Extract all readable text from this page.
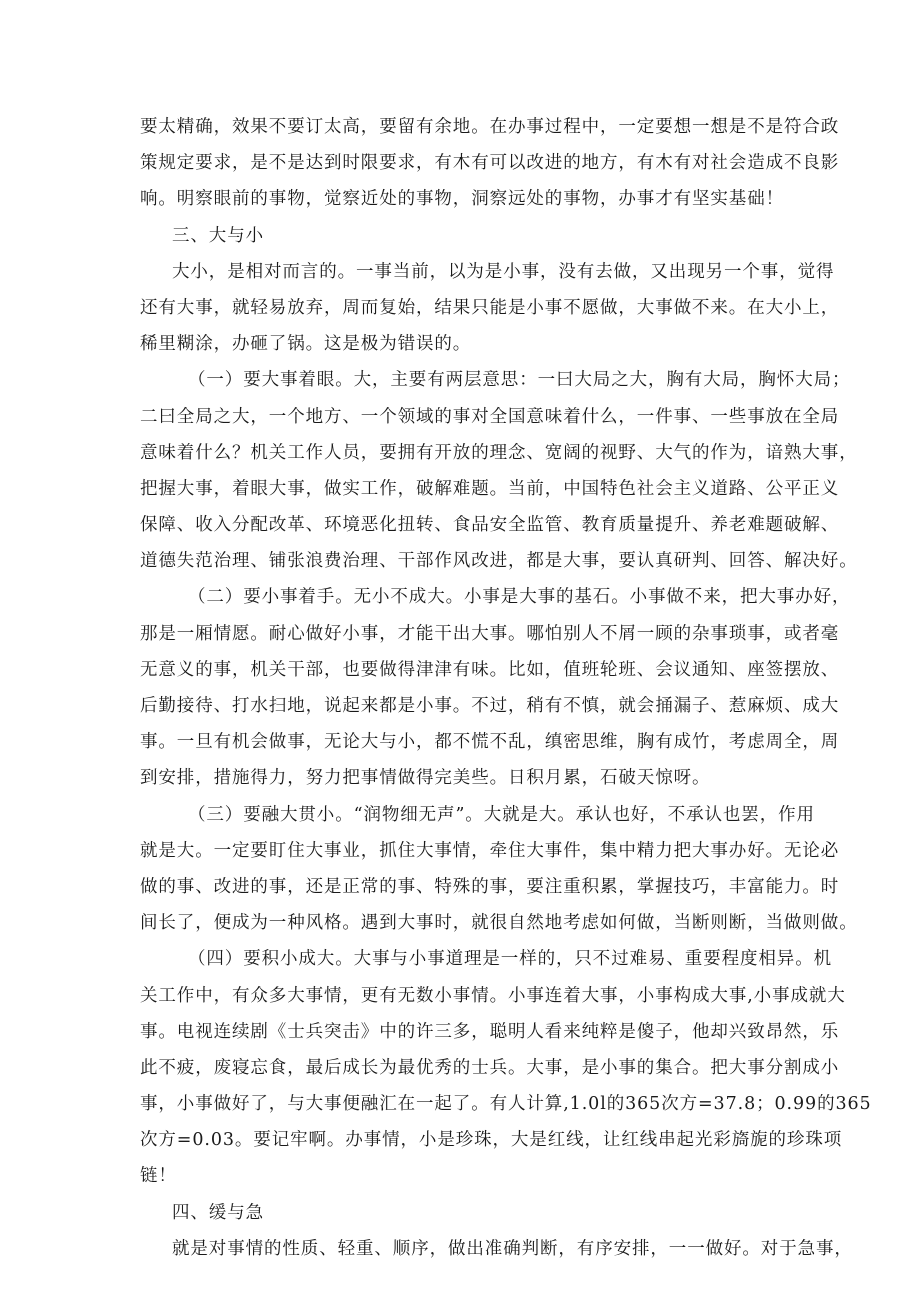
要太精确，效果不要订太高，要留有余地。在办事过程中，一定要想一想是不是符合政
策规定要求，是不是达到时限要求，有木有可以改进的地方，有木有对社会造成不良影
响。明察眼前的事物，觉察近处的事物，洞察远处的事物，办事才有坚实基础！
三、大与小
大小，是相对而言的。一事当前，以为是小事，没有去做，又出现另一个事，觉得
还有大事，就轻易放弃，周而复始，结果只能是小事不愿做，大事做不来。在大小上，
稀里糊涂，办砸了锅。这是极为错误的。
（一）要大事着眼。大，主要有两层意思：一曰大局之大，胸有大局，胸怀大局；
二曰全局之大，一个地方、一个领域的事对全国意味着什么，一件事、一些事放在全局
意味着什么？机关工作人员，要拥有开放的理念、宽阔的视野、大气的作为，谙熟大事，
把握大事，着眼大事，做实工作，破解难题。当前，中国特色社会主义道路、公平正义
保障、收入分配改革、环境恶化扭转、食品安全监管、教育质量提升、养老难题破解、
道德失范治理、铺张浪费治理、干部作风改进，都是大事，要认真研判、回答、解决好。
（二）要小事着手。无小不成大。小事是大事的基石。小事做不来，把大事办好，
那是一厢情愿。耐心做好小事，才能干出大事。哪怕别人不屑一顾的杂事琐事，或者毫
无意义的事，机关干部，也要做得津津有味。比如，值班轮班、会议通知、座签摆放、
后勤接待、打水扫地，说起来都是小事。不过，稍有不慎，就会捅漏子、惹麻烦、成大
事。一旦有机会做事，无论大与小，都不慌不乱，缜密思维，胸有成竹，考虑周全，周
到安排，措施得力，努力把事情做得完美些。日积月累，石破天惊呀。
（三）要融大贯小。“润物细无声”。大就是大。承认也好，不承认也罢，作用
就是大。一定要盯住大事业，抓住大事情，牵住大事件，集中精力把大事办好。无论必
做的事、改进的事，还是正常的事、特殊的事，要注重积累，掌握技巧，丰富能力。时
间长了，便成为一种风格。遇到大事时，就很自然地考虑如何做，当断则断，当做则做。
（四）要积小成大。大事与小事道理是一样的，只不过难易、重要程度相异。机
关工作中，有众多大事情，更有无数小事情。小事连着大事，小事构成大事,小事成就大
事。电视连续剧《士兵突击》中的许三多，聪明人看来纯粹是傻子，他却兴致昂然，乐
此不疲，废寝忘食，最后成长为最优秀的士兵。大事，是小事的集合。把大事分割成小
事，小事做好了，与大事便融汇在一起了。有人计算,1.0l的365次方=37.8；0.99的365
次方=0.03。要记牢啊。办事情，小是珍珠，大是红线，让红线串起光彩旖旎的珍珠项
链！
四、缓与急
就是对事情的性质、轻重、顺序，做出准确判断，有序安排，一一做好。对于急事，
